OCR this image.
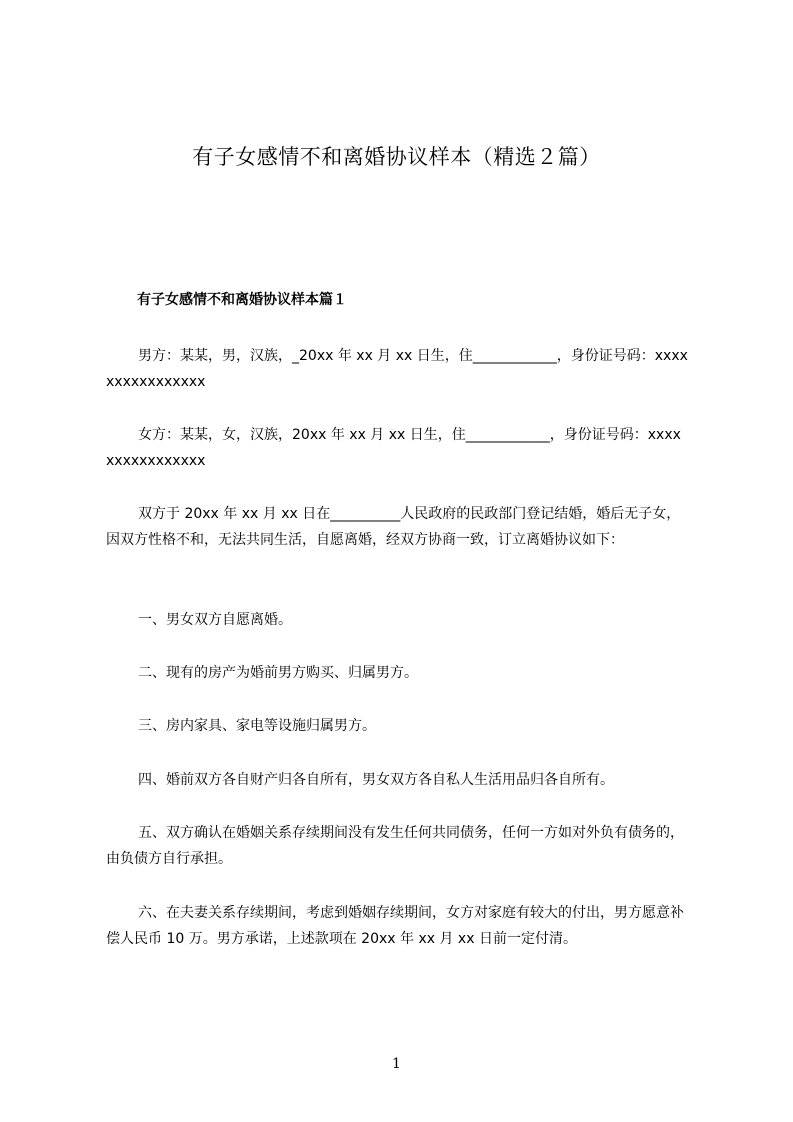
有子女感情不和离婚协议样本（精选２篇）
有子女感情不和离婚协议样本篇１
男方：某某，男，汉族，_20xx 年 xx 月 xx 日生，住____________，身份证号码：xxxxxxxxxxxxxxxx
女方：某某，女，汉族，20xx 年 xx 月 xx 日生，住____________，身份证号码：xxxxxxxxxxxxxxxx
双方于 20xx 年 xx 月 xx 日在__________人民政府的民政部门登记结婚，婚后无子女，因双方性格不和，无法共同生活，自愿离婚，经双方协商一致，订立离婚协议如下：
一、男女双方自愿离婚。
二、现有的房产为婚前男方购买、归属男方。
三、房内家具、家电等设施归属男方。
四、婚前双方各自财产归各自所有，男女双方各自私人生活用品归各自所有。
五、双方确认在婚姻关系存续期间没有发生任何共同债务，任何一方如对外负有债务的，由负债方自行承担。
六、在夫妻关系存续期间，考虑到婚姻存续期间，女方对家庭有较大的付出，男方愿意补偿人民币 10 万。男方承诺，上述款项在 20xx 年 xx 月 xx 日前一定付清。
1
